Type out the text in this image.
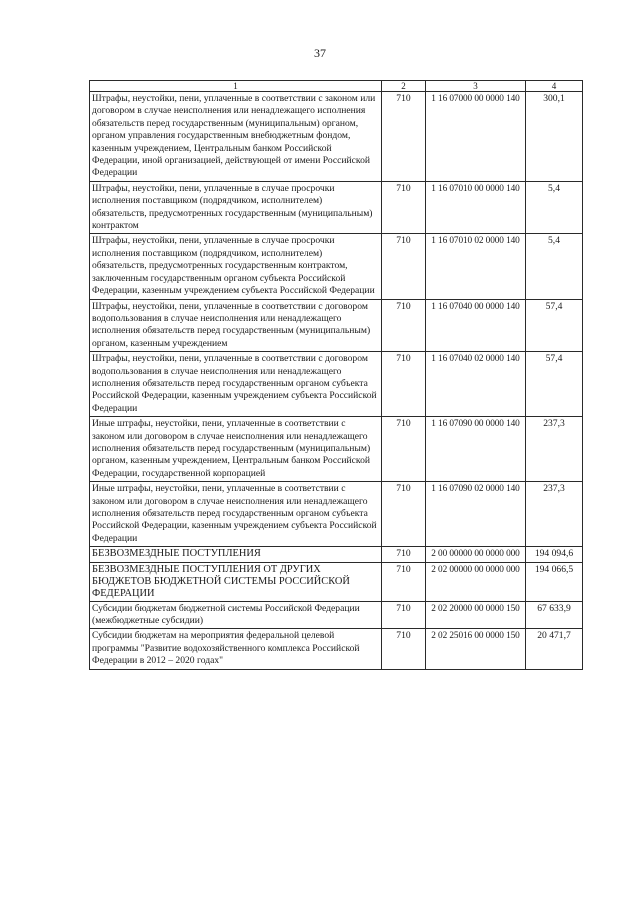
37
1	2	3	4
Штрафы, неустойки, пени, уплаченные в соответствии с законом или договором в случае неисполнения или ненадлежащего исполнения обязательств перед государственным (муниципальным) органом, органом управления государственным внебюджетным фондом, казенным учреждением, Центральным банком Российской Федерации, иной организацией, действующей от имени Российской Федерации	710	1 16 07000 00 0000 140	300,1
Штрафы, неустойки, пени, уплаченные в случае просрочки исполнения поставщиком (подрядчиком, исполнителем) обязательств, предусмотренных государственным (муниципальным) контрактом	710	1 16 07010 00 0000 140	5,4
Штрафы, неустойки, пени, уплаченные в случае просрочки исполнения поставщиком (подрядчиком, исполнителем) обязательств, предусмотренных государственным контрактом, заключенным государственным органом субъекта Российской Федерации, казенным учреждением субъекта Российской Федерации	710	1 16 07010 02 0000 140	5,4
Штрафы, неустойки, пени, уплаченные в соответствии с договором водопользования в случае неисполнения или ненадлежащего исполнения обязательств перед государственным (муниципальным) органом, казенным учреждением	710	1 16 07040 00 0000 140	57,4
Штрафы, неустойки, пени, уплаченные в соответствии с договором водопользования в случае неисполнения или ненадлежащего исполнения обязательств перед государственным органом субъекта Российской Федерации, казенным учреждением субъекта Российской Федерации	710	1 16 07040 02 0000 140	57,4
Иные штрафы, неустойки, пени, уплаченные в соответствии с законом или договором в случае неисполнения или ненадлежащего исполнения обязательств перед государственным (муниципальным) органом, казенным учреждением, Центральным банком Российской Федерации, государственной корпорацией	710	1 16 07090 00 0000 140	237,3
Иные штрафы, неустойки, пени, уплаченные в соответствии с законом или договором в случае неисполнения или ненадлежащего исполнения обязательств перед государственным органом субъекта Российской Федерации, казенным учреждением субъекта Российской Федерации	710	1 16 07090 02 0000 140	237,3
БЕЗВОЗМЕЗДНЫЕ ПОСТУПЛЕНИЯ	710	2 00 00000 00 0000 000	194 094,6
БЕЗВОЗМЕЗДНЫЕ ПОСТУПЛЕНИЯ ОТ ДРУГИХ БЮДЖЕТОВ БЮДЖЕТНОЙ СИСТЕМЫ РОССИЙСКОЙ ФЕДЕРАЦИИ	710	2 02 00000 00 0000 000	194 066,5
Субсидии бюджетам бюджетной системы Российской Федерации (межбюджетные субсидии)	710	2 02 20000 00 0000 150	67 633,9
Субсидии бюджетам на мероприятия федеральной целевой программы "Развитие водохозяйственного комплекса Российской Федерации в 2012 – 2020 годах"	710	2 02 25016 00 0000 150	20 471,7
